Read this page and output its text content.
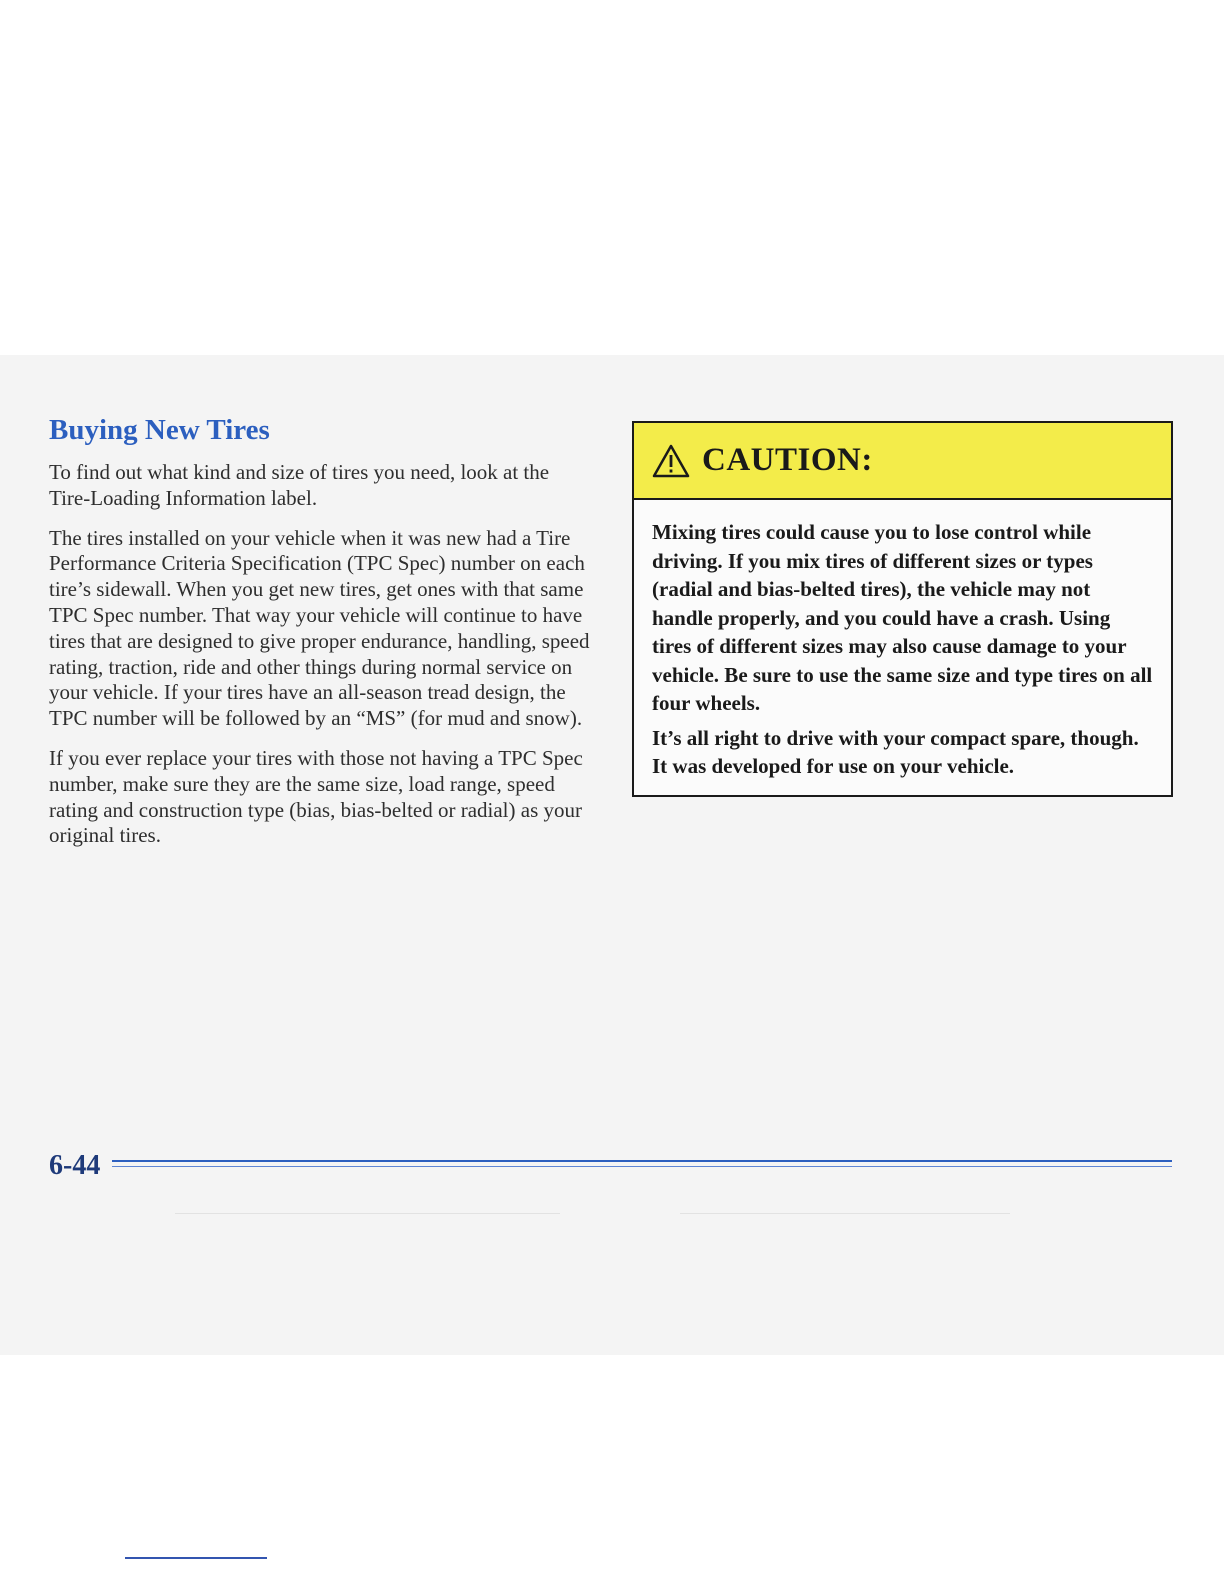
Buying New Tires

To find out what kind and size of tires you need, look at the Tire-Loading Information label.

The tires installed on your vehicle when it was new had a Tire Performance Criteria Specification (TPC Spec) number on each tire’s sidewall. When you get new tires, get ones with that same TPC Spec number. That way your vehicle will continue to have tires that are designed to give proper endurance, handling, speed rating, traction, ride and other things during normal service on your vehicle. If your tires have an all-season tread design, the TPC number will be followed by an “MS” (for mud and snow).

If you ever replace your tires with those not having a TPC Spec number, make sure they are the same size, load range, speed rating and construction type (bias, bias-belted or radial) as your original tires.

CAUTION:

Mixing tires could cause you to lose control while driving. If you mix tires of different sizes or types (radial and bias-belted tires), the vehicle may not handle properly, and you could have a crash. Using tires of different sizes may also cause damage to your vehicle. Be sure to use the same size and type tires on all four wheels.

It’s all right to drive with your compact spare, though. It was developed for use on your vehicle.

6-44
